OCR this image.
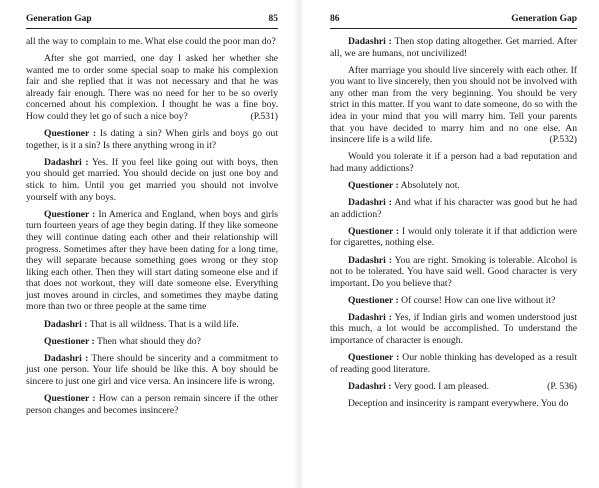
Generation Gap	85

all the way to complain to me. What else could the poor man do?

After she got married, one day I asked her whether she wanted me to order some special soap to make his complexion fair and she replied that it was not necessary and that he was already fair enough. There was no need for her to be so overly concerned about his complexion. I thought he was a fine boy. How could they let go of such a nice boy?	(P.531)

Questioner : Is dating a sin? When girls and boys go out together, is it a sin? Is there anything wrong in it?

Dadashri : Yes. If you feel like going out with boys, then you should get married. You should decide on just one boy and stick to him. Until you get married you should not involve yourself with any boys.

Questioner : In America and England, when boys and girls turn fourteen years of age they begin dating. If they like someone they will continue dating each other and their relationship will progress. Sometimes after they have been dating for a long time, they will separate because something goes wrong or they stop liking each other. Then they will start dating someone else and if that does not workout, they will date someone else. Everything just moves around in circles, and sometimes they maybe dating more than two or three people at the same time

Dadashri : That is all wildness. That is a wild life.

Questioner : Then what should they do?

Dadashri : There should be sincerity and a commitment to just one person. Your life should be like this. A boy should be sincere to just one girl and vice versa. An insincere life is wrong.

Questioner : How can a person remain sincere if the other person changes and becomes insincere?

86	Generation Gap

Dadashri : Then stop dating altogether. Get married. After all, we are humans, not uncivilized!

After marriage you should live sincerely with each other. If you want to live sincerely, then you should not be involved with any other man from the very beginning. You should be very strict in this matter. If you want to date someone, do so with the idea in your mind that you will marry him. Tell your parents that you have decided to marry him and no one else. An insincere life is a wild life.	(P.532)

Would you tolerate it if a person had a bad reputation and had many addictions?

Questioner : Absolutely not.

Dadashri : And what if his character was good but he had an addiction?

Questioner : I would only tolerate it if that addiction were for cigarettes, nothing else.

Dadashri : You are right. Smoking is tolerable. Alcohol is not to be tolerated. You have said well. Good character is very important. Do you believe that?

Questioner : Of course! How can one live without it?

Dadashri : Yes, if Indian girls and women understood just this much, a lot would be accomplished. To understand the importance of character is enough.

Questioner : Our noble thinking has developed as a result of reading good literature.

Dadashri : Very good. I am pleased.	(P. 536)

Deception and insincerity is rampant everywhere. You do
